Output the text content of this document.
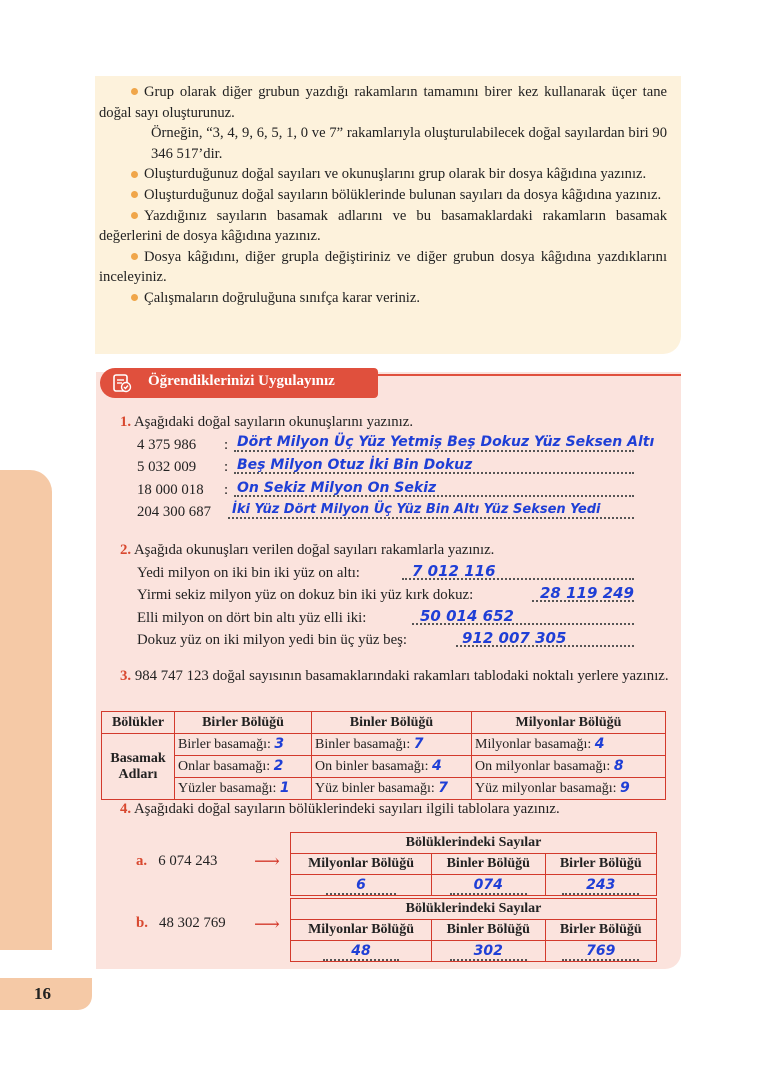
16

Grup olarak diğer grubun yazdığı rakamların tamamını birer kez kullanarak üçer tane doğal sayı oluşturunuz.

Örneğin, “3, 4, 9, 6, 5, 1, 0 ve 7” rakamlarıyla oluşturulabilecek doğal sayılardan biri 90 346 517’dir.

Oluşturduğunuz doğal sayıları ve okunuşlarını grup olarak bir dosya kâğıdına yazınız.

Oluşturduğunuz doğal sayıların bölüklerinde bulunan sayıları da dosya kâğıdına yazınız.

Yazdığınız sayıların basamak adlarını ve bu basamaklardaki rakamların basamak değerlerini de dosya kâğıdına yazınız.

Dosya kâğıdını, diğer grupla değiştiriniz ve diğer grubun dosya kâğıdına yazdıklarını inceleyiniz.

Çalışmaların doğruluğuna sınıfça karar veriniz.

Öğrendiklerinizi Uygulayınız
1. Aşağıdaki doğal sayıların okunuşlarını yazınız.
4 375 986 : Dört Milyon Üç Yüz Yetmiş Beş Dokuz Yüz Seksen Altı
5 032 009 : Beş Milyon Otuz İki Bin Dokuz
18 000 018 : On Sekiz Milyon On Sekiz
204 300 687 İki Yüz Dört Milyon Üç Yüz Bin Altı Yüz Seksen Yedi
2. Aşağıda okunuşları verilen doğal sayıları rakamlarla yazınız.
Yedi milyon on iki bin iki yüz on altı:	7 012 116
Yirmi sekiz milyon yüz on dokuz bin iki yüz kırk dokuz:	28 119 249
Elli milyon on dört bin altı yüz elli iki:	50 014 652
Dokuz yüz on iki milyon yedi bin üç yüz beş:	912 007 305
3. 984 747 123 doğal sayısının basamaklarındaki rakamları tablodaki noktalı yerlere yazınız.
Bölükler	Birler Bölüğü	Binler Bölüğü	Milyonlar Bölüğü

Basamak
Adları	Birler basamağı: 3	Binler basamağı: 7	Milyonlar basamağı: 4
	Onlar basamağı: 2	On binler basamağı: 4	On milyonlar basamağı: 8
	Yüzler basamağı: 1	Yüz binler basamağı: 7	Yüz milyonlar basamağı: 9
4. Aşağıdaki doğal sayıların bölüklerindeki sayıları ilgili tablolara yazınız.
a. 6 074 243 ⟶
Bölüklerindeki Sayılar		
Milyonlar Bölüğü	Binler Bölüğü	Birler Bölüğü
6	074	243
b. 48 302 769 ⟶
Bölüklerindeki Sayılar		
Milyonlar Bölüğü	Binler Bölüğü	Birler Bölüğü
48	302	769
